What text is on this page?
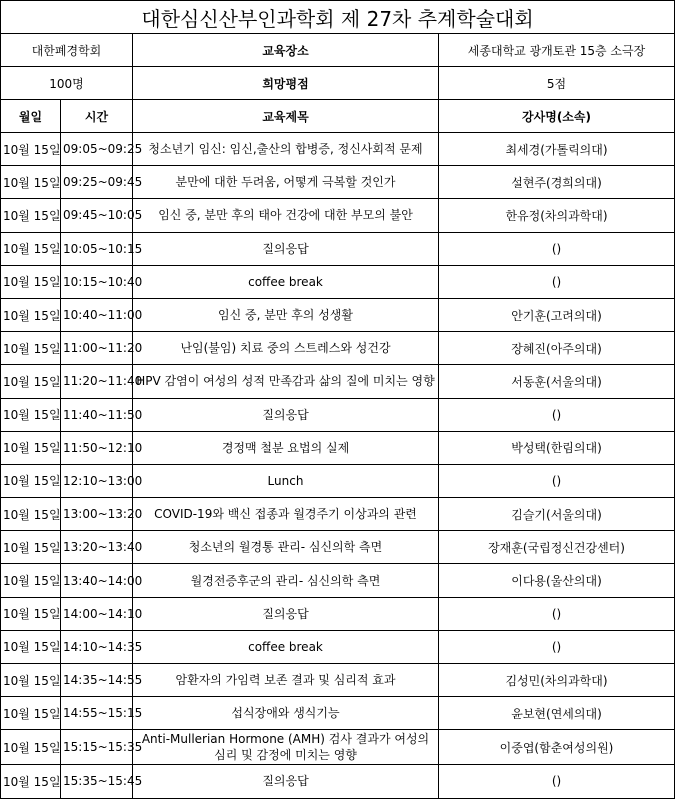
대한심신산부인과학회 제 27차 추계학술대회			
대한폐경학회		교육장소	세종대학교 광개토관 15층 소극장
100명		희망평점	5점
월일	시간	교육제목	강사명(소속)
10월 15일	09:05~09:25	청소년기 임신: 임신,출산의 합병증, 정신사회적 문제	최세경(가톨릭의대)
10월 15일	09:25~09:45	분만에 대한 두려움, 어떻게 극복할 것인가	설현주(경희의대)
10월 15일	09:45~10:05	임신 중, 분만 후의 태아 건강에 대한 부모의 불안	한유정(차의과학대)
10월 15일	10:05~10:15	질의응답	()
10월 15일	10:15~10:40	coffee break	()
10월 15일	10:40~11:00	임신 중, 분만 후의 성생활	안기훈(고려의대)
10월 15일	11:00~11:20	난임(불임) 치료 중의 스트레스와 성건강	장혜진(아주의대)
10월 15일	11:20~11:40	HPV 감염이 여성의 성적 만족감과 삶의 질에 미치는 영향	서동훈(서울의대)
10월 15일	11:40~11:50	질의응답	()
10월 15일	11:50~12:10	경정맥 철분 요법의 실제	박성택(한림의대)
10월 15일	12:10~13:00	Lunch	()
10월 15일	13:00~13:20	COVID-19와 백신 접종과 월경주기 이상과의 관련	김슬기(서울의대)
10월 15일	13:20~13:40	청소년의 월경통 관리- 심신의학 측면	장재훈(국립정신건강센터)
10월 15일	13:40~14:00	월경전증후군의 관리- 심신의학 측면	이다용(울산의대)
10월 15일	14:00~14:10	질의응답	()
10월 15일	14:10~14:35	coffee break	()
10월 15일	14:35~14:55	암환자의 가임력 보존 결과 및 심리적 효과	김성민(차의과학대)
10월 15일	14:55~15:15	섭식장애와 생식기능	윤보현(연세의대)
10월 15일	15:15~15:35	Anti-Mullerian Hormone (AMH) 검사 결과가 여성의 심리 및 감정에 미치는 영향	이중엽(함춘여성의원)
10월 15일	15:35~15:45	질의응답	()
